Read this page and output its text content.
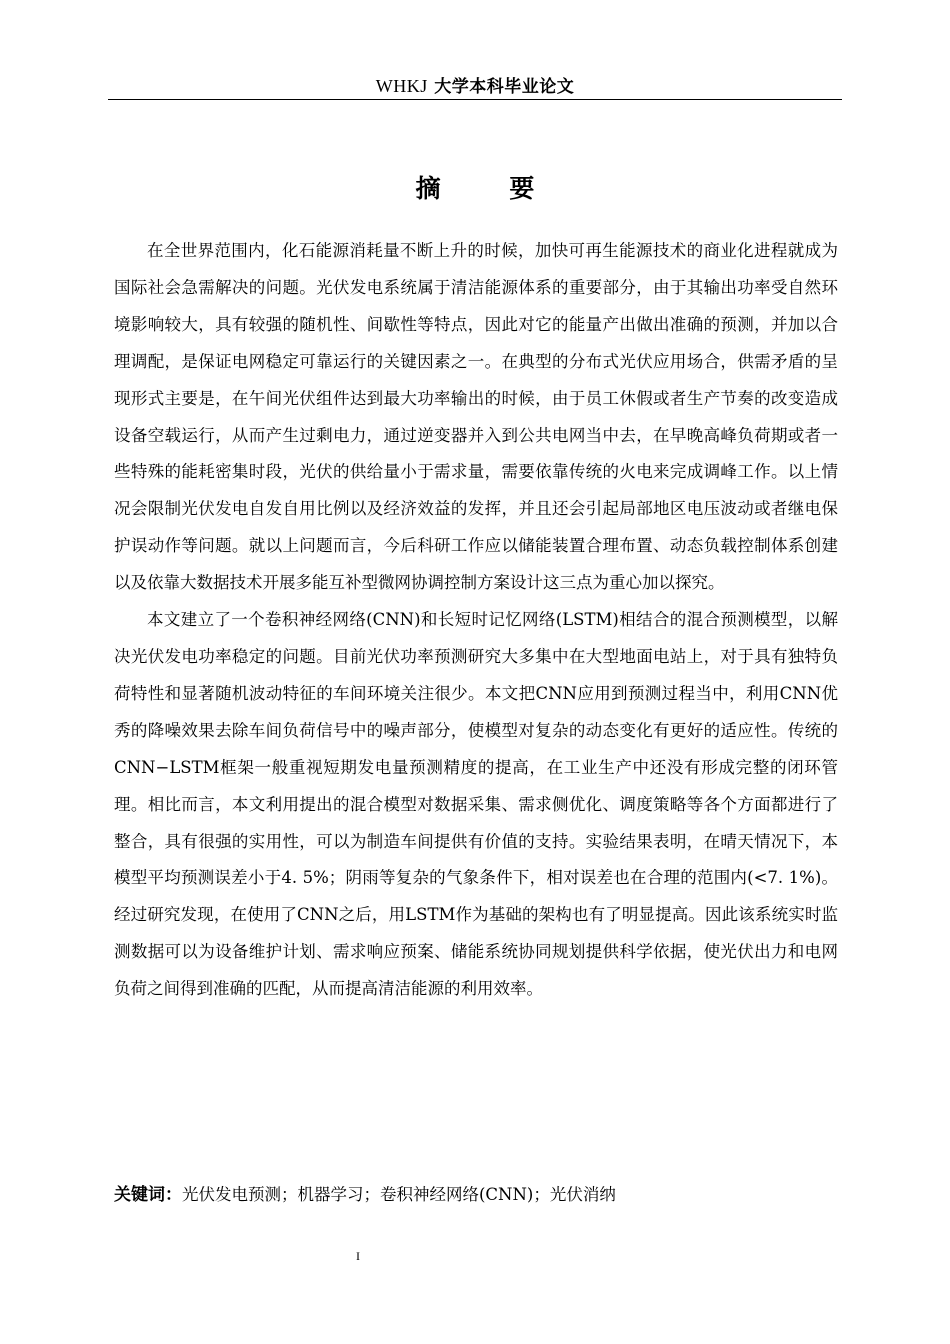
WHKJ 大学本科毕业论文
摘 要

在全世界范围内，化石能源消耗量不断上升的时候，加快可再生能源技术的商业化进程就成为国际社会急需解决的问题。光伏发电系统属于清洁能源体系的重要部分，由于其输出功率受自然环境影响较大，具有较强的随机性、间歇性等特点，因此对它的能量产出做出准确的预测，并加以合理调配，是保证电网稳定可靠运行的关键因素之一。在典型的分布式光伏应用场合，供需矛盾的呈现形式主要是，在午间光伏组件达到最大功率输出的时候，由于员工休假或者生产节奏的改变造成设备空载运行，从而产生过剩电力，通过逆变器并入到公共电网当中去，在早晚高峰负荷期或者一些特殊的能耗密集时段，光伏的供给量小于需求量，需要依靠传统的火电来完成调峰工作。以上情况会限制光伏发电自发自用比例以及经济效益的发挥，并且还会引起局部地区电压波动或者继电保护误动作等问题。就以上问题而言，今后科研工作应以储能装置合理布置、动态负载控制体系创建以及依靠大数据技术开展多能互补型微网协调控制方案设计这三点为重心加以探究。

本文建立了一个卷积神经网络(CNN)和长短时记忆网络(LSTM)相结合的混合预测模型，以解决光伏发电功率稳定的问题。目前光伏功率预测研究大多集中在大型地面电站上，对于具有独特负荷特性和显著随机波动特征的车间环境关注很少。本文把CNN应用到预测过程当中，利用CNN优秀的降噪效果去除车间负荷信号中的噪声部分，使模型对复杂的动态变化有更好的适应性。传统的CNN−LSTM框架一般重视短期发电量预测精度的提高，在工业生产中还没有形成完整的闭环管理。相比而言，本文利用提出的混合模型对数据采集、需求侧优化、调度策略等各个方面都进行了整合，具有很强的实用性，可以为制造车间提供有价值的支持。实验结果表明，在晴天情况下，本模型平均预测误差小于4. 5%；阴雨等复杂的气象条件下，相对误差也在合理的范围内(<7. 1%)。经过研究发现，在使用了CNN之后，用LSTM作为基础的架构也有了明显提高。因此该系统实时监测数据可以为设备维护计划、需求响应预案、储能系统协同规划提供科学依据，使光伏出力和电网负荷之间得到准确的匹配，从而提高清洁能源的利用效率。

关键词：光伏发电预测；机器学习；卷积神经网络(CNN)；光伏消纳
I
